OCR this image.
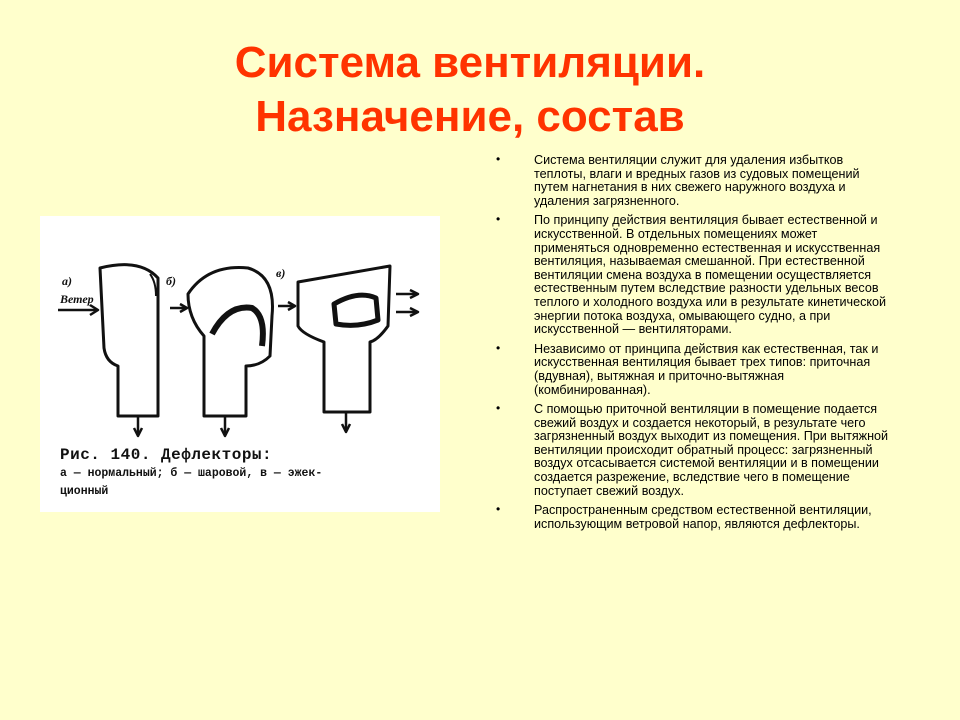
Система вентиляции.
Назначение, состав
а)
Ветер
б)
в)
Рис. 140. Дефлекторы:
а — нормальный; б — шаровой, в — эжек-
ционный
•	Система вентиляции служит для удаления избытков теплоты, влаги и вредных газов из судовых помещений путем нагнетания в них свежего наружного воздуха и удаления загрязненного.
•	По принципу действия вентиляция бывает естественной и искусственной. В отдельных помещениях может применяться одновременно естественная и искусственная вентиляция, называемая смешанной. При естественной вентиляции смена воздуха в помещении осуществляется естественным путем вследствие разности удельных весов теплого и холодного воздуха или в результате кинетической энергии потока воздуха, омывающего судно, а при искусственной — вентиляторами.
•	Независимо от принципа действия как естественная, так и искусственная вентиляция бывает трех типов: приточная (вдувная), вытяжная и приточно-вытяжная (комбинированная).
•	С помощью приточной вентиляции в помещение подается свежий воздух и создается некоторый, в результате чего загрязненный воздух выходит из помещения. При вытяжной вентиляции происходит обратный процесс: загрязненный воздух отсасывается системой вентиляции и в помещении создается разрежение, вследствие чего в помещение поступает свежий воздух.
•	Распространенным средством естественной вентиляции, использующим ветровой напор, являются дефлекторы.
